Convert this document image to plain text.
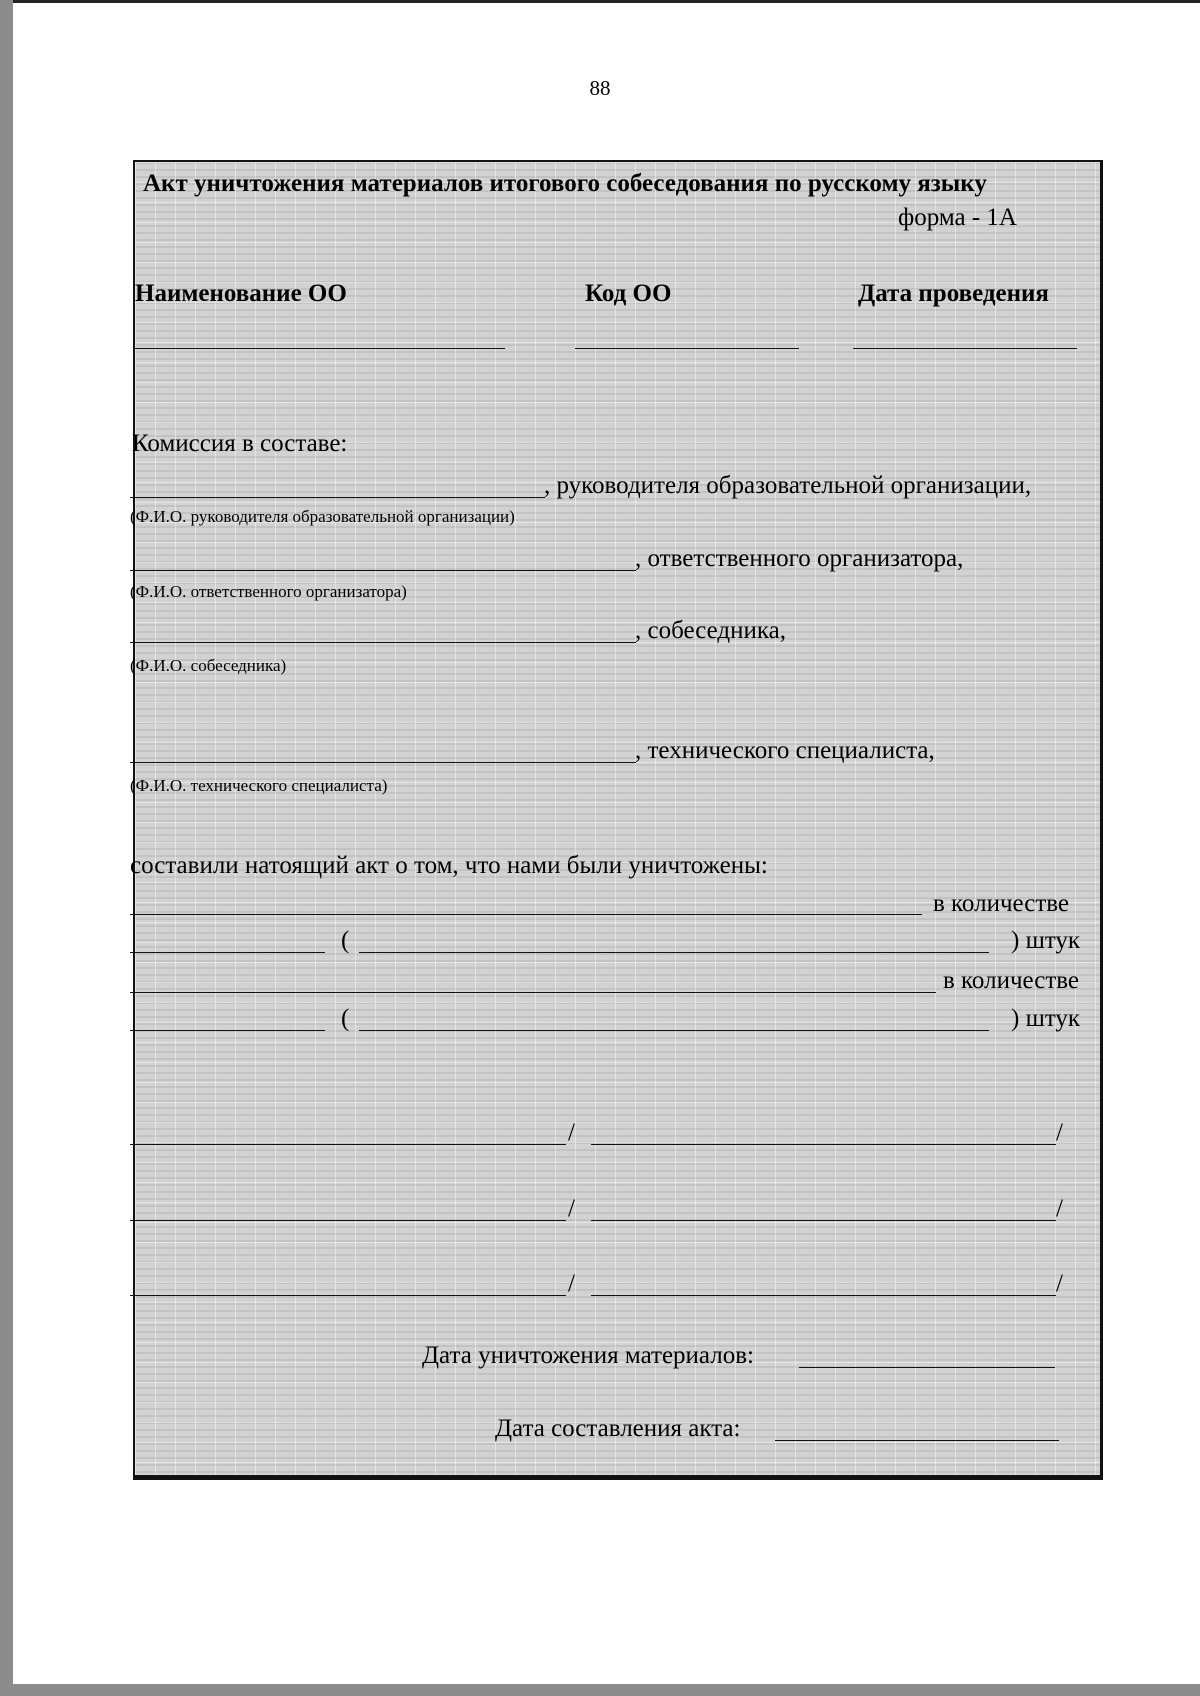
88
Акт уничтожения материалов итогового собеседования по русскому языку
форма - 1А
Наименование ОО	Код ОО	Дата проведения
Комиссия в составе:
, руководителя образовательной организации,
(Ф.И.О. руководителя образовательной организации)
, ответственного организатора,
(Ф.И.О. ответственного организатора)
, собеседника,
(Ф.И.О. собеседника)
, технического специалиста,
(Ф.И.О. технического специалиста)
составили натоящий акт о том, что нами были уничтожены:
в количестве
(	) штук
в количестве
(	) штук
/	/
/	/
/	/
Дата уничтожения материалов:
Дата составления акта:
